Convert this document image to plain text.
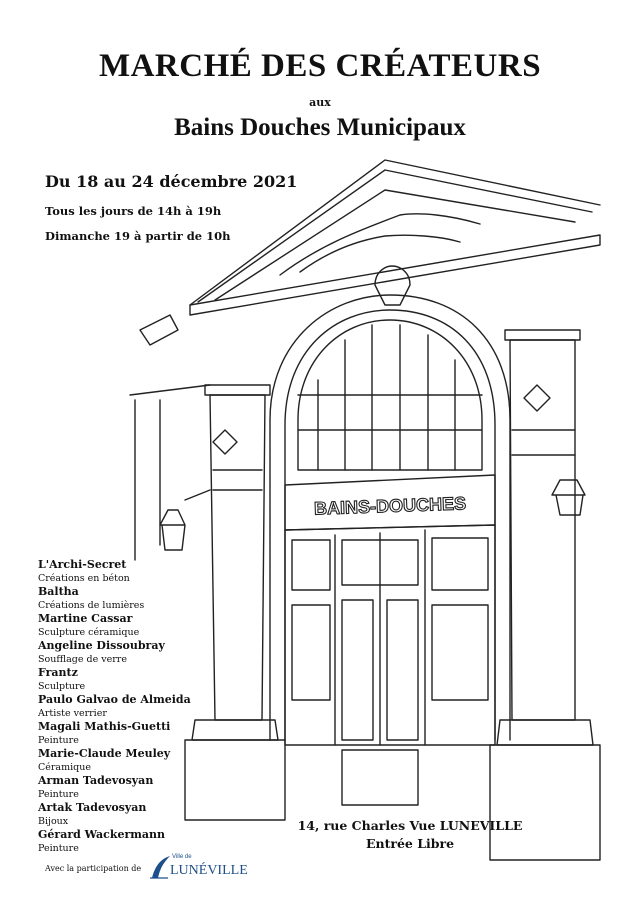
MARCHÉ DES CRÉATEURS
aux
Bains Douches Municipaux
Du 18 au 24 décembre 2021
Tous les jours de 14h à 19h
Dimanche 19 à partir de 10h
BAINS-DOUCHES
L'Archi-Secret
Créations en béton
Baltha
Créations de lumières
Martine Cassar
Sculpture céramique
Angeline Dissoubray
Soufflage de verre
Frantz
Sculpture
Paulo Galvao de Almeida
Artiste verrier
Magali Mathis-Guetti
Peinture
Marie-Claude Meuley
Céramique
Arman Tadevosyan
Peinture
Artak Tadevosyan
Bijoux
Gérard Wackermann
Peinture
14, rue Charles Vue LUNEVILLE
Entrée Libre
Avec la participation de
Ville de
LUNÉVILLE
